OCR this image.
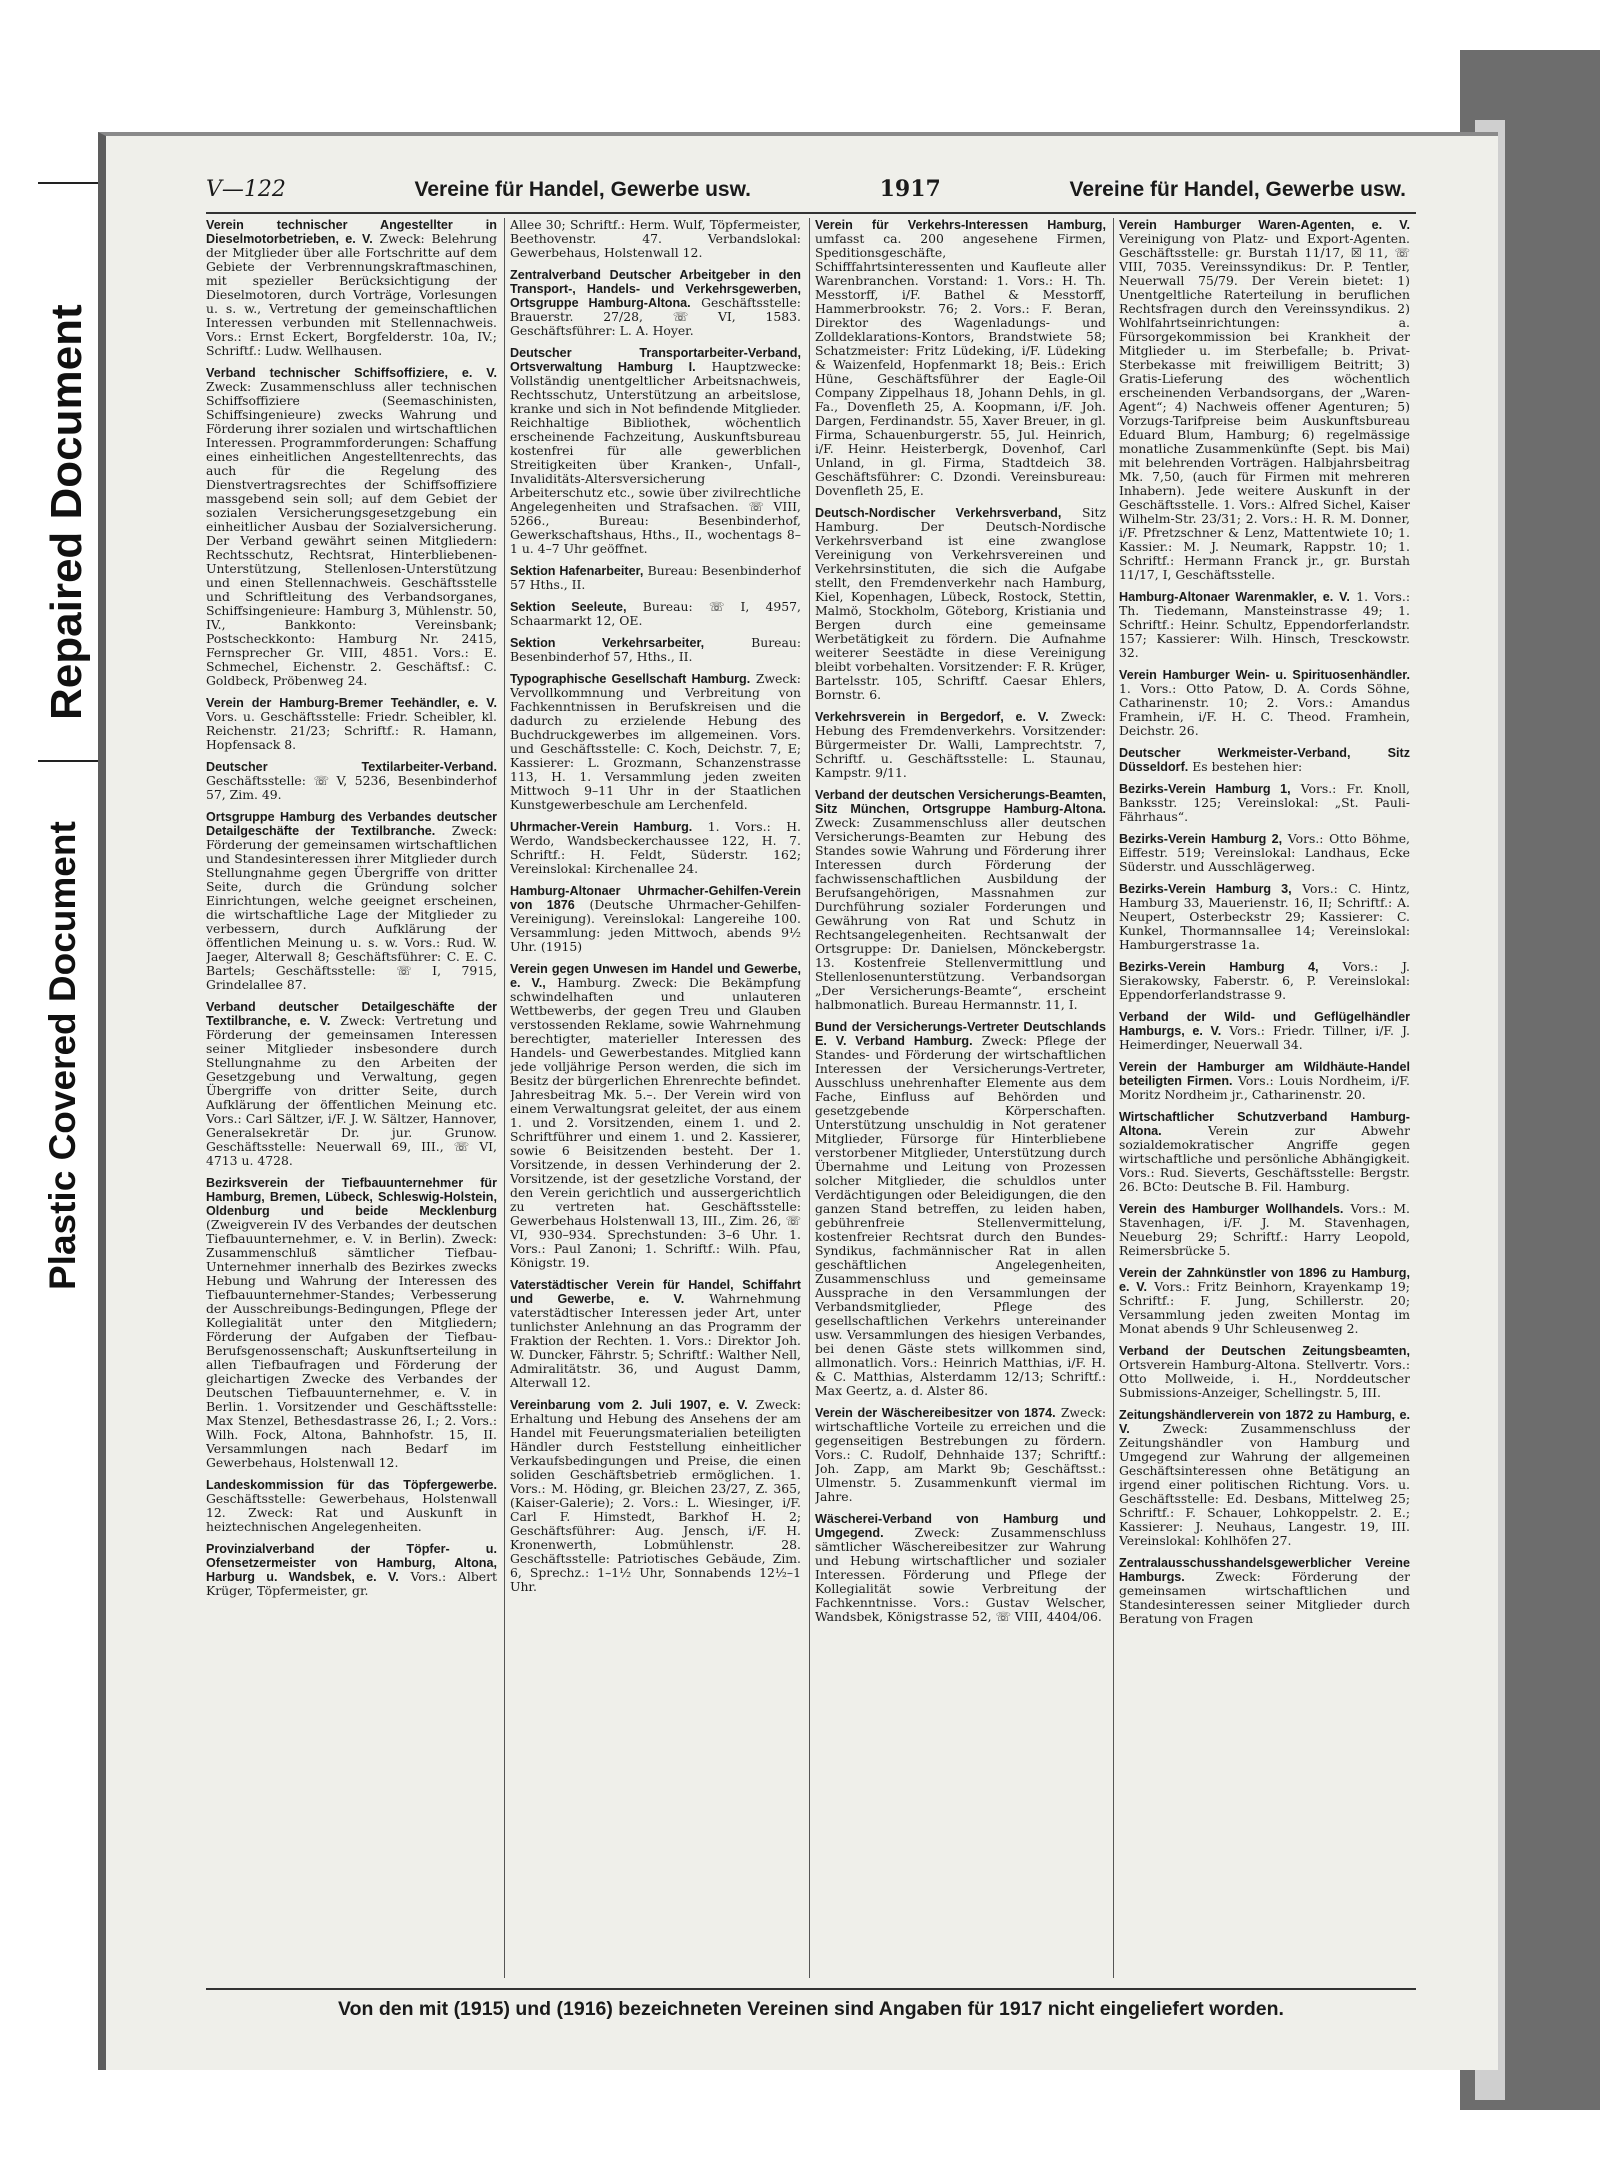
Repaired Document
Plastic Covered Document
V—122	Vereine für Handel, Gewerbe usw.	1917	Vereine für Handel, Gewerbe usw.

Verein technischer Angestellter in Dieselmotorbetrieben, e. V. Zweck: Belehrung der Mitglieder über alle Fortschritte auf dem Gebiete der Verbrennungskraftmaschinen, mit spezieller Berücksichtigung der Dieselmotoren, durch Vorträge, Vorlesungen u. s. w., Vertretung der gemeinschaftlichen Interessen verbunden mit Stellennachweis. Vors.: Ernst Eckert, Borgfelderstr. 10a, IV.; Schriftf.: Ludw. Wellhausen.

Verband technischer Schiffsoffiziere, e. V. Zweck: Zusammenschluss aller technischen Schiffsoffiziere (Seemaschinisten, Schiffsingenieure) zwecks Wahrung und Förderung ihrer sozialen und wirtschaftlichen Interessen. Programmforderungen: Schaffung eines einheitlichen Angestelltenrechts, das auch für die Regelung des Dienstvertragsrechtes der Schiffsoffiziere massgebend sein soll; auf dem Gebiet der sozialen Versicherungsgesetzgebung ein einheitlicher Ausbau der Sozialversicherung. Der Verband gewährt seinen Mitgliedern: Rechtsschutz, Rechtsrat, Hinterbliebenen-Unterstützung, Stellenlosen-Unterstützung und einen Stellennachweis. Geschäftsstelle und Schriftleitung des Verbandsorganes, Schiffsingenieure: Hamburg 3, Mühlenstr. 50, IV., Bankkonto: Vereinsbank; Postscheckkonto: Hamburg Nr. 2415, Fernsprecher Gr. VIII, 4851. Vors.: E. Schmechel, Eichenstr. 2. Geschäftsf.: C. Goldbeck, Pröbenweg 24.

Verein der Hamburg-Bremer Teehändler, e. V. Vors. u. Geschäftsstelle: Friedr. Scheibler, kl. Reichenstr. 21/23; Schriftf.: R. Hamann, Hopfensack 8.

Deutscher Textilarbeiter-Verband. Geschäftsstelle: ☏ V, 5236, Besenbinderhof 57, Zim. 49.

Ortsgruppe Hamburg des Verbandes deutscher Detailgeschäfte der Textilbranche. Zweck: Förderung der gemeinsamen wirtschaftlichen und Standesinteressen ihrer Mitglieder durch Stellungnahme gegen Übergriffe von dritter Seite, durch die Gründung solcher Einrichtungen, welche geeignet erscheinen, die wirtschaftliche Lage der Mitglieder zu verbessern, durch Aufklärung der öffentlichen Meinung u. s. w. Vors.: Rud. W. Jaeger, Alterwall 8; Geschäftsführer: C. E. C. Bartels; Geschäftsstelle: ☏ I, 7915, Grindelallee 87.

Verband deutscher Detailgeschäfte der Textilbranche, e. V. Zweck: Vertretung und Förderung der gemeinsamen Interessen seiner Mitglieder insbesondere durch Stellungnahme zu den Arbeiten der Gesetzgebung und Verwaltung, gegen Übergriffe von dritter Seite, durch Aufklärung der öffentlichen Meinung etc. Vors.: Carl Sältzer, i/F. J. W. Sältzer, Hannover, Generalsekretär Dr. jur. Grunow. Geschäftsstelle: Neuerwall 69, III., ☏ VI, 4713 u. 4728.

Bezirksverein der Tiefbauunternehmer für Hamburg, Bremen, Lübeck, Schleswig-Holstein, Oldenburg und beide Mecklenburg (Zweigverein IV des Verbandes der deutschen Tiefbauunternehmer, e. V. in Berlin). Zweck: Zusammenschluß sämtlicher Tiefbau-Unternehmer innerhalb des Bezirkes zwecks Hebung und Wahrung der Interessen des Tiefbauunternehmer-Standes; Verbesserung der Ausschreibungs-Bedingungen, Pflege der Kollegialität unter den Mitgliedern; Förderung der Aufgaben der Tiefbau-Berufsgenossenschaft; Auskunftserteilung in allen Tiefbaufragen und Förderung der gleichartigen Zwecke des Verbandes der Deutschen Tiefbauunternehmer, e. V. in Berlin. 1. Vorsitzender und Geschäftsstelle: Max Stenzel, Bethesdastrasse 26, I.; 2. Vors.: Wilh. Fock, Altona, Bahnhofstr. 15, II. Versammlungen nach Bedarf im Gewerbehaus, Holstenwall 12.

Landeskommission für das Töpfergewerbe. Geschäftsstelle: Gewerbehaus, Holstenwall 12. Zweck: Rat und Auskunft in heiztechnischen Angelegenheiten.

Provinzialverband der Töpfer- u. Ofensetzermeister von Hamburg, Altona, Harburg u. Wandsbek, e. V. Vors.: Albert Krüger, Töpfermeister, gr.

Allee 30; Schriftf.: Herm. Wulf, Töpfermeister, Beethovenstr. 47. Verbandslokal: Gewerbehaus, Holstenwall 12.

Zentralverband Deutscher Arbeitgeber in den Transport-, Handels- und Verkehrsgewerben, Ortsgruppe Hamburg-Altona. Geschäftsstelle: Brauerstr. 27/28, ☏ VI, 1583. Geschäftsführer: L. A. Hoyer.

Deutscher Transportarbeiter-Verband, Ortsverwaltung Hamburg I. Hauptzwecke: Vollständig unentgeltlicher Arbeitsnachweis, Rechtsschutz, Unterstützung an arbeitslose, kranke und sich in Not befindende Mitglieder. Reichhaltige Bibliothek, wöchentlich erscheinende Fachzeitung, Auskunftsbureau kostenfrei für alle gewerblichen Streitigkeiten über Kranken-, Unfall-, Invaliditäts-Altersversicherung Arbeiterschutz etc., sowie über zivilrechtliche Angelegenheiten und Strafsachen. ☏ VIII, 5266., Bureau: Besenbinderhof, Gewerkschaftshaus, Hths., II., wochentags 8–1 u. 4–7 Uhr geöffnet.

Sektion Hafenarbeiter, Bureau: Besenbinderhof 57 Hths., II.

Sektion Seeleute, Bureau: ☏ I, 4957, Schaarmarkt 12, OE.

Sektion Verkehrsarbeiter,	Bureau: Besenbinderhof 57, Hths., II.

Typographische Gesellschaft Hamburg. Zweck: Vervollkommnung und Verbreitung von Fachkenntnissen in Berufskreisen und die dadurch zu erzielende Hebung des Buchdruckgewerbes im allgemeinen. Vors. und Geschäftsstelle: C. Koch, Deichstr. 7, E; Kassierer: L. Grozmann, Schanzenstrasse 113, H. 1. Versammlung jeden zweiten Mittwoch 9–11 Uhr in der Staatlichen Kunstgewerbeschule am Lerchenfeld.

Uhrmacher-Verein Hamburg. 1. Vors.: H. Werdo, Wandsbeckerchaussee 122, H. 7. Schriftf.: H. Feldt, Süderstr. 162; Vereinslokal: Kirchenallee 24.

Hamburg-Altonaer Uhrmacher-Gehilfen-Verein von 1876 (Deutsche Uhrmacher-Gehilfen-Vereinigung). Vereinslokal: Langereihe 100. Versammlung: jeden Mittwoch, abends 9½ Uhr. (1915)

Verein gegen Unwesen im Handel und Gewerbe, e. V., Hamburg. Zweck: Die Bekämpfung schwindelhaften und unlauteren Wettbewerbs, der gegen Treu und Glauben verstossenden Reklame, sowie Wahrnehmung berechtigter, materieller Interessen des Handels- und Gewerbestandes. Mitglied kann jede volljährige Person werden, die sich im Besitz der bürgerlichen Ehrenrechte befindet. Jahresbeitrag Mk. 5.–. Der Verein wird von einem Verwaltungsrat geleitet, der aus einem 1. und 2. Vorsitzenden, einem 1. und 2. Schriftführer und einem 1. und 2. Kassierer, sowie 6 Beisitzenden besteht. Der 1. Vorsitzende, in dessen Verhinderung der 2. Vorsitzende, ist der gesetzliche Vorstand, der den Verein gerichtlich und aussergerichtlich zu vertreten hat. Geschäftsstelle: Gewerbehaus Holstenwall 13, III., Zim. 26, ☏ VI, 930–934. Sprechstunden: 3–6 Uhr. 1. Vors.: Paul Zanoni; 1. Schriftf.: Wilh. Pfau, Königstr. 19.

Vaterstädtischer Verein für Handel, Schiffahrt und Gewerbe, e. V. Wahrnehmung vaterstädtischer Interessen jeder Art, unter tunlichster Anlehnung an das Programm der Fraktion der Rechten. 1. Vors.: Direktor Joh. W. Duncker, Fährstr. 5; Schriftf.: Walther Nell, Admiralitätstr. 36, und August Damm, Alterwall 12.

Vereinbarung vom 2. Juli 1907, e. V. Zweck: Erhaltung und Hebung des Ansehens der am Handel mit Feuerungsmaterialien beteiligten Händler durch Feststellung einheitlicher Verkaufsbedingungen und Preise, die einen soliden Geschäftsbetrieb ermöglichen. 1. Vors.: M. Höding, gr. Bleichen 23/27, Z. 365, (Kaiser-Galerie); 2. Vors.: L. Wiesinger, i/F. Carl F. Himstedt, Barkhof H. 2; Geschäftsführer: Aug. Jensch, i/F. H. Kronenwerth, Lobmühlenstr. 28. Geschäftsstelle: Patriotisches Gebäude, Zim. 6, Sprechz.: 1–1½ Uhr, Sonnabends 12½–1 Uhr.

Verein für Verkehrs-Interessen Hamburg, umfasst ca. 200 angesehene Firmen, Speditionsgeschäfte, Schifffahrtsinteressenten und Kaufleute aller Warenbranchen. Vorstand: 1. Vors.: H. Th. Messtorff, i/F. Bathel & Messtorff, Hammerbrookstr. 76; 2. Vors.: F. Beran, Direktor des Wagenladungs- und Zolldeklarations-Kontors, Brandstwiete 58; Schatzmeister: Fritz Lüdeking, i/F. Lüdeking & Waizenfeld, Hopfenmarkt 18; Beis.: Erich Hüne, Geschäftsführer der Eagle-Oil Company Zippelhaus 18, Johann Dehls, in gl. Fa., Dovenfleth 25, A. Koopmann, i/F. Joh. Dargen, Ferdinandstr. 55, Xaver Breuer, in gl. Firma, Schauenburgerstr. 55, Jul. Heinrich, i/F. Heinr. Heisterbergk, Dovenhof, Carl Unland, in gl. Firma, Stadtdeich 38. Geschäftsführer: C. Dzondi. Vereinsbureau: Dovenfleth 25, E.

Deutsch-Nordischer Verkehrsverband, Sitz Hamburg. Der Deutsch-Nordische Verkehrsverband ist eine zwanglose Vereinigung von Verkehrsvereinen und Verkehrsinstituten, die sich die Aufgabe stellt, den Fremdenverkehr nach Hamburg, Kiel, Kopenhagen, Lübeck, Rostock, Stettin, Malmö, Stockholm, Göteborg, Kristiania und Bergen durch eine gemeinsame Werbetätigkeit zu fördern. Die Aufnahme weiterer Seestädte in diese Vereinigung bleibt vorbehalten. Vorsitzender: F. R. Krüger, Bartelsstr. 105, Schriftf. Caesar Ehlers, Bornstr. 6.

Verkehrsverein in Bergedorf, e. V. Zweck: Hebung des Fremdenverkehrs. Vorsitzender: Bürgermeister Dr. Walli, Lamprechtstr. 7, Schriftf. u. Geschäftsstelle: L. Staunau, Kampstr. 9/11.

Verband der deutschen Versicherungs-Beamten, Sitz München, Ortsgruppe Hamburg-Altona. Zweck: Zusammenschluss aller deutschen Versicherungs-Beamten zur Hebung des Standes sowie Wahrung und Förderung ihrer Interessen durch Förderung der fachwissenschaftlichen Ausbildung der Berufsangehörigen, Massnahmen zur Durchführung sozialer Forderungen und Gewährung von Rat und Schutz in Rechtsangelegenheiten. Rechtsanwalt der Ortsgruppe: Dr. Danielsen, Mönckebergstr. 13. Kostenfreie Stellenvermittlung und Stellenlosenunterstützung. Verbandsorgan „Der Versicherungs-Beamte“, erscheint halbmonatlich. Bureau Hermannstr. 11, I.

Bund der Versicherungs-Vertreter Deutschlands E. V. Verband Hamburg. Zweck: Pflege der Standes- und Förderung der wirtschaftlichen Interessen der Versicherungs-Vertreter, Ausschluss unehrenhafter Elemente aus dem Fache, Einfluss auf Behörden und gesetzgebende Körperschaften. Unterstützung unschuldig in Not geratener Mitglieder, Fürsorge für Hinterbliebene verstorbener Mitglieder, Unterstützung durch Übernahme und Leitung von Prozessen solcher Mitglieder, die schuldlos unter Verdächtigungen oder Beleidigungen, die den ganzen Stand betreffen, zu leiden haben, gebührenfreie Stellenvermittelung, kostenfreier Rechtsrat durch den Bundes-Syndikus, fachmännischer Rat in allen geschäftlichen Angelegenheiten, Zusammenschluss und gemeinsame Aussprache in den Versammlungen der Verbandsmitglieder, Pflege des gesellschaftlichen Verkehrs untereinander usw. Versammlungen des hiesigen Verbandes, bei denen Gäste stets willkommen sind, allmonatlich. Vors.: Heinrich Matthias, i/F. H. & C. Matthias, Alsterdamm 12/13; Schriftf.: Max Geertz, a. d. Alster 86.

Verein der Wäschereibesitzer von 1874. Zweck: wirtschaftliche Vorteile zu erreichen und die gegenseitigen Bestrebungen zu fördern. Vors.: C. Rudolf, Dehnhaide 137; Schriftf.: Joh. Zapp, am Markt 9b; Geschäftsst.: Ulmenstr. 5. Zusammenkunft viermal im Jahre.

Wäscherei-Verband von Hamburg und Umgegend.	Zweck: Zusammenschluss sämtlicher Wäschereibesitzer zur Wahrung und Hebung wirtschaftlicher und sozialer Interessen. Förderung und Pflege der Kollegialität sowie Verbreitung der Fachkenntnisse. Vors.: Gustav Welscher, Wandsbek, Königstrasse 52, ☏ VIII, 4404/06.

Verein Hamburger Waren-Agenten, e. V. Vereinigung von Platz- und Export-Agenten. Geschäftsstelle: gr. Burstah 11/17, ☒ 11, ☏ VIII, 7035. Vereinssyndikus: Dr. P. Tentler, Neuerwall 75/79. Der Verein bietet: 1) Unentgeltliche Raterteilung in beruflichen Rechtsfragen durch den Vereinssyndikus. 2) Wohlfahrtseinrichtungen: a. Fürsorgekommission bei Krankheit der Mitglieder u. im Sterbefalle; b. Privat-Sterbekasse mit freiwilligem Beitritt; 3) Gratis-Lieferung des wöchentlich erscheinenden Verbandsorgans, der „Waren-Agent“; 4) Nachweis offener Agenturen; 5) Vorzugs-Tarifpreise beim Auskunftsbureau Eduard Blum, Hamburg; 6) regelmässige monatliche Zusammenkünfte (Sept. bis Mai) mit belehrenden Vorträgen. Halbjahrsbeitrag Mk. 7,50, (auch für Firmen mit mehreren Inhabern). Jede weitere Auskunft in der Geschäftsstelle. 1. Vors.: Alfred Sichel, Kaiser Wilhelm-Str. 23/31; 2. Vors.: H. R. M. Donner, i/F. Pfretzschner & Lenz, Mattentwiete 10; 1. Kassier.: M. J. Neumark, Rappstr. 10; 1. Schriftf.: Hermann Franck jr., gr. Burstah 11/17, I, Geschäftsstelle.

Hamburg-Altonaer Warenmakler, e. V. 1. Vors.: Th. Tiedemann, Mansteinstrasse 49; 1. Schriftf.: Heinr. Schultz, Eppendorferlandstr. 157; Kassierer: Wilh. Hinsch, Tresckowstr. 32.

Verein Hamburger Wein- u. Spirituosenhändler. 1. Vors.: Otto Patow, D. A. Cords Söhne, Catharinenstr. 10; 2. Vors.: Amandus Framhein, i/F. H. C. Theod. Framhein, Deichstr. 26.

Deutscher Werkmeister-Verband, Sitz Düsseldorf. Es bestehen hier:

Bezirks-Verein Hamburg 1, Vors.: Fr. Knoll, Banksstr. 125; Vereinslokal: „St. Pauli-Fährhaus“.

Bezirks-Verein Hamburg 2, Vors.: Otto Böhme, Eiffestr. 519; Vereinslokal: Landhaus, Ecke Süderstr. und Ausschlägerweg.

Bezirks-Verein Hamburg 3, Vors.: C. Hintz, Hamburg 33, Mauerienstr. 16, II; Schriftf.: A. Neupert, Osterbeckstr 29; Kassierer: C. Kunkel, Thormannsallee 14; Vereinslokal: Hamburgerstrasse 1a.

Bezirks-Verein Hamburg 4, Vors.: J. Sierakowsky, Faberstr. 6, P. Vereinslokal: Eppendorferlandstrasse 9.

Verband der Wild- und Geflügelhändler Hamburgs, e. V. Vors.: Friedr. Tillner, i/F. J. Heimerdinger, Neuerwall 34.

Verein der Hamburger am Wildhäute-Handel beteiligten Firmen. Vors.: Louis Nordheim, i/F. Moritz Nordheim jr., Catharinenstr. 20.

Wirtschaftlicher Schutzverband Hamburg-Altona.	Verein zur Abwehr sozialdemokratischer Angriffe gegen wirtschaftliche und persönliche Abhängigkeit. Vors.: Rud. Sieverts, Geschäftsstelle: Bergstr. 26. BCto: Deutsche B. Fil. Hamburg.

Verein des Hamburger Wollhandels. Vors.: M. Stavenhagen, i/F. J. M. Stavenhagen, Neueburg 29; Schriftf.: Harry Leopold, Reimersbrücke 5.

Verein der Zahnkünstler von 1896 zu Hamburg, e. V. Vors.: Fritz Beinhorn, Krayenkamp 19; Schriftf.: F. Jung, Schillerstr. 20; Versammlung jeden zweiten Montag im Monat abends 9 Uhr Schleusenweg 2.

Verband der Deutschen Zeitungsbeamten, Ortsverein Hamburg-Altona. Stellvertr. Vors.: Otto Mollweide, i. H., Norddeutscher Submissions-Anzeiger, Schellingstr. 5, III.

Zeitungshändlerverein von 1872 zu Hamburg, e. V.	Zweck: Zusammenschluss der Zeitungshändler von Hamburg und Umgegend zur Wahrung der allgemeinen Geschäftsinteressen ohne Betätigung an irgend einer politischen Richtung. Vors. u. Geschäftsstelle: Ed. Desbans, Mittelweg 25; Schriftf.: F. Schauer, Lohkoppelstr. 2. E.; Kassierer: J. Neuhaus, Langestr. 19, III. Vereinslokal: Kohlhöfen 27.

Zentralausschusshandelsgewerblicher Vereine Hamburgs. Zweck: Förderung der gemeinsamen wirtschaftlichen und Standesinteressen seiner Mitglieder durch Beratung von Fragen

Von den mit (1915) und (1916) bezeichneten Vereinen sind Angaben für 1917 nicht eingeliefert worden.
